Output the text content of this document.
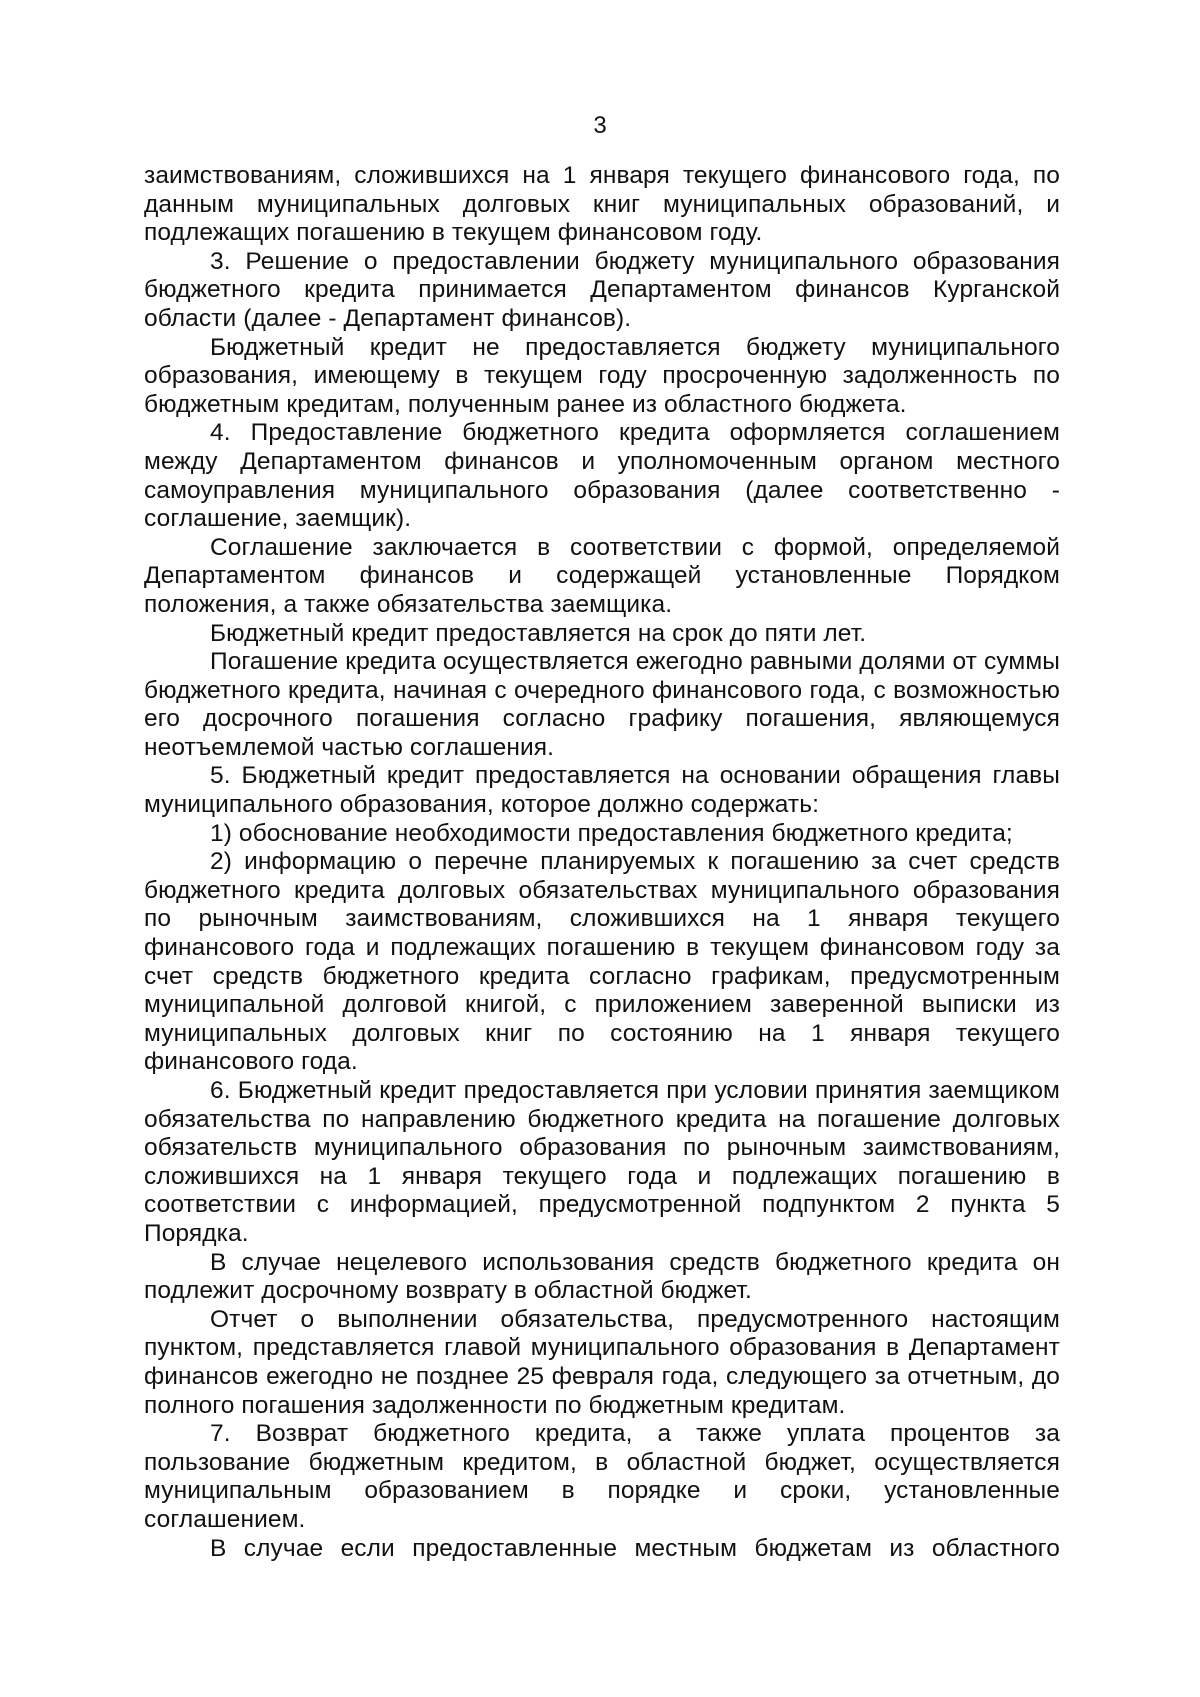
3

заимствованиям, сложившихся на 1 января текущего финансового года, по данным муниципальных долговых книг муниципальных образований, и подлежащих погашению в текущем финансовом году.

3. Решение о предоставлении бюджету муниципального образования бюджетного кредита принимается Департаментом финансов Курганской области (далее - Департамент финансов).

Бюджетный кредит не предоставляется бюджету муниципального образования, имеющему в текущем году просроченную задолженность по бюджетным кредитам, полученным ранее из областного бюджета.

4. Предоставление бюджетного кредита оформляется соглашением между Департаментом финансов и уполномоченным органом местного самоуправления муниципального образования (далее соответственно - соглашение, заемщик).

Соглашение заключается в соответствии с формой, определяемой Департаментом финансов и содержащей установленные Порядком положения, а также обязательства заемщика.

Бюджетный кредит предоставляется на срок до пяти лет.

Погашение кредита осуществляется ежегодно равными долями от суммы бюджетного кредита, начиная с очередного финансового года, с возможностью его досрочного погашения согласно графику погашения, являющемуся неотъемлемой частью соглашения.

5. Бюджетный кредит предоставляется на основании обращения главы муниципального образования, которое должно содержать:

1) обоснование необходимости предоставления бюджетного кредита;

2) информацию о перечне планируемых к погашению за счет средств бюджетного кредита долговых обязательствах муниципального образования по рыночным заимствованиям, сложившихся на 1 января текущего финансового года и подлежащих погашению в текущем финансовом году за счет средств бюджетного кредита согласно графикам, предусмотренным муниципальной долговой книгой, с приложением заверенной выписки из муниципальных долговых книг по состоянию на 1 января текущего финансового года.

6. Бюджетный кредит предоставляется при условии принятия заемщиком обязательства по направлению бюджетного кредита на погашение долговых обязательств муниципального образования по рыночным заимствованиям, сложившихся на 1 января текущего года и подлежащих погашению в соответствии с информацией, предусмотренной подпунктом 2 пункта 5 Порядка.

В случае нецелевого использования средств бюджетного кредита он подлежит досрочному возврату в областной бюджет.

Отчет о выполнении обязательства, предусмотренного настоящим пунктом, представляется главой муниципального образования в Департамент финансов ежегодно не позднее 25 февраля года, следующего за отчетным, до полного погашения задолженности по бюджетным кредитам.

7. Возврат бюджетного кредита, а также уплата процентов за пользование бюджетным кредитом, в областной бюджет, осуществляется муниципальным образованием в порядке и сроки, установленные соглашением.

В случае если предоставленные местным бюджетам из областного
